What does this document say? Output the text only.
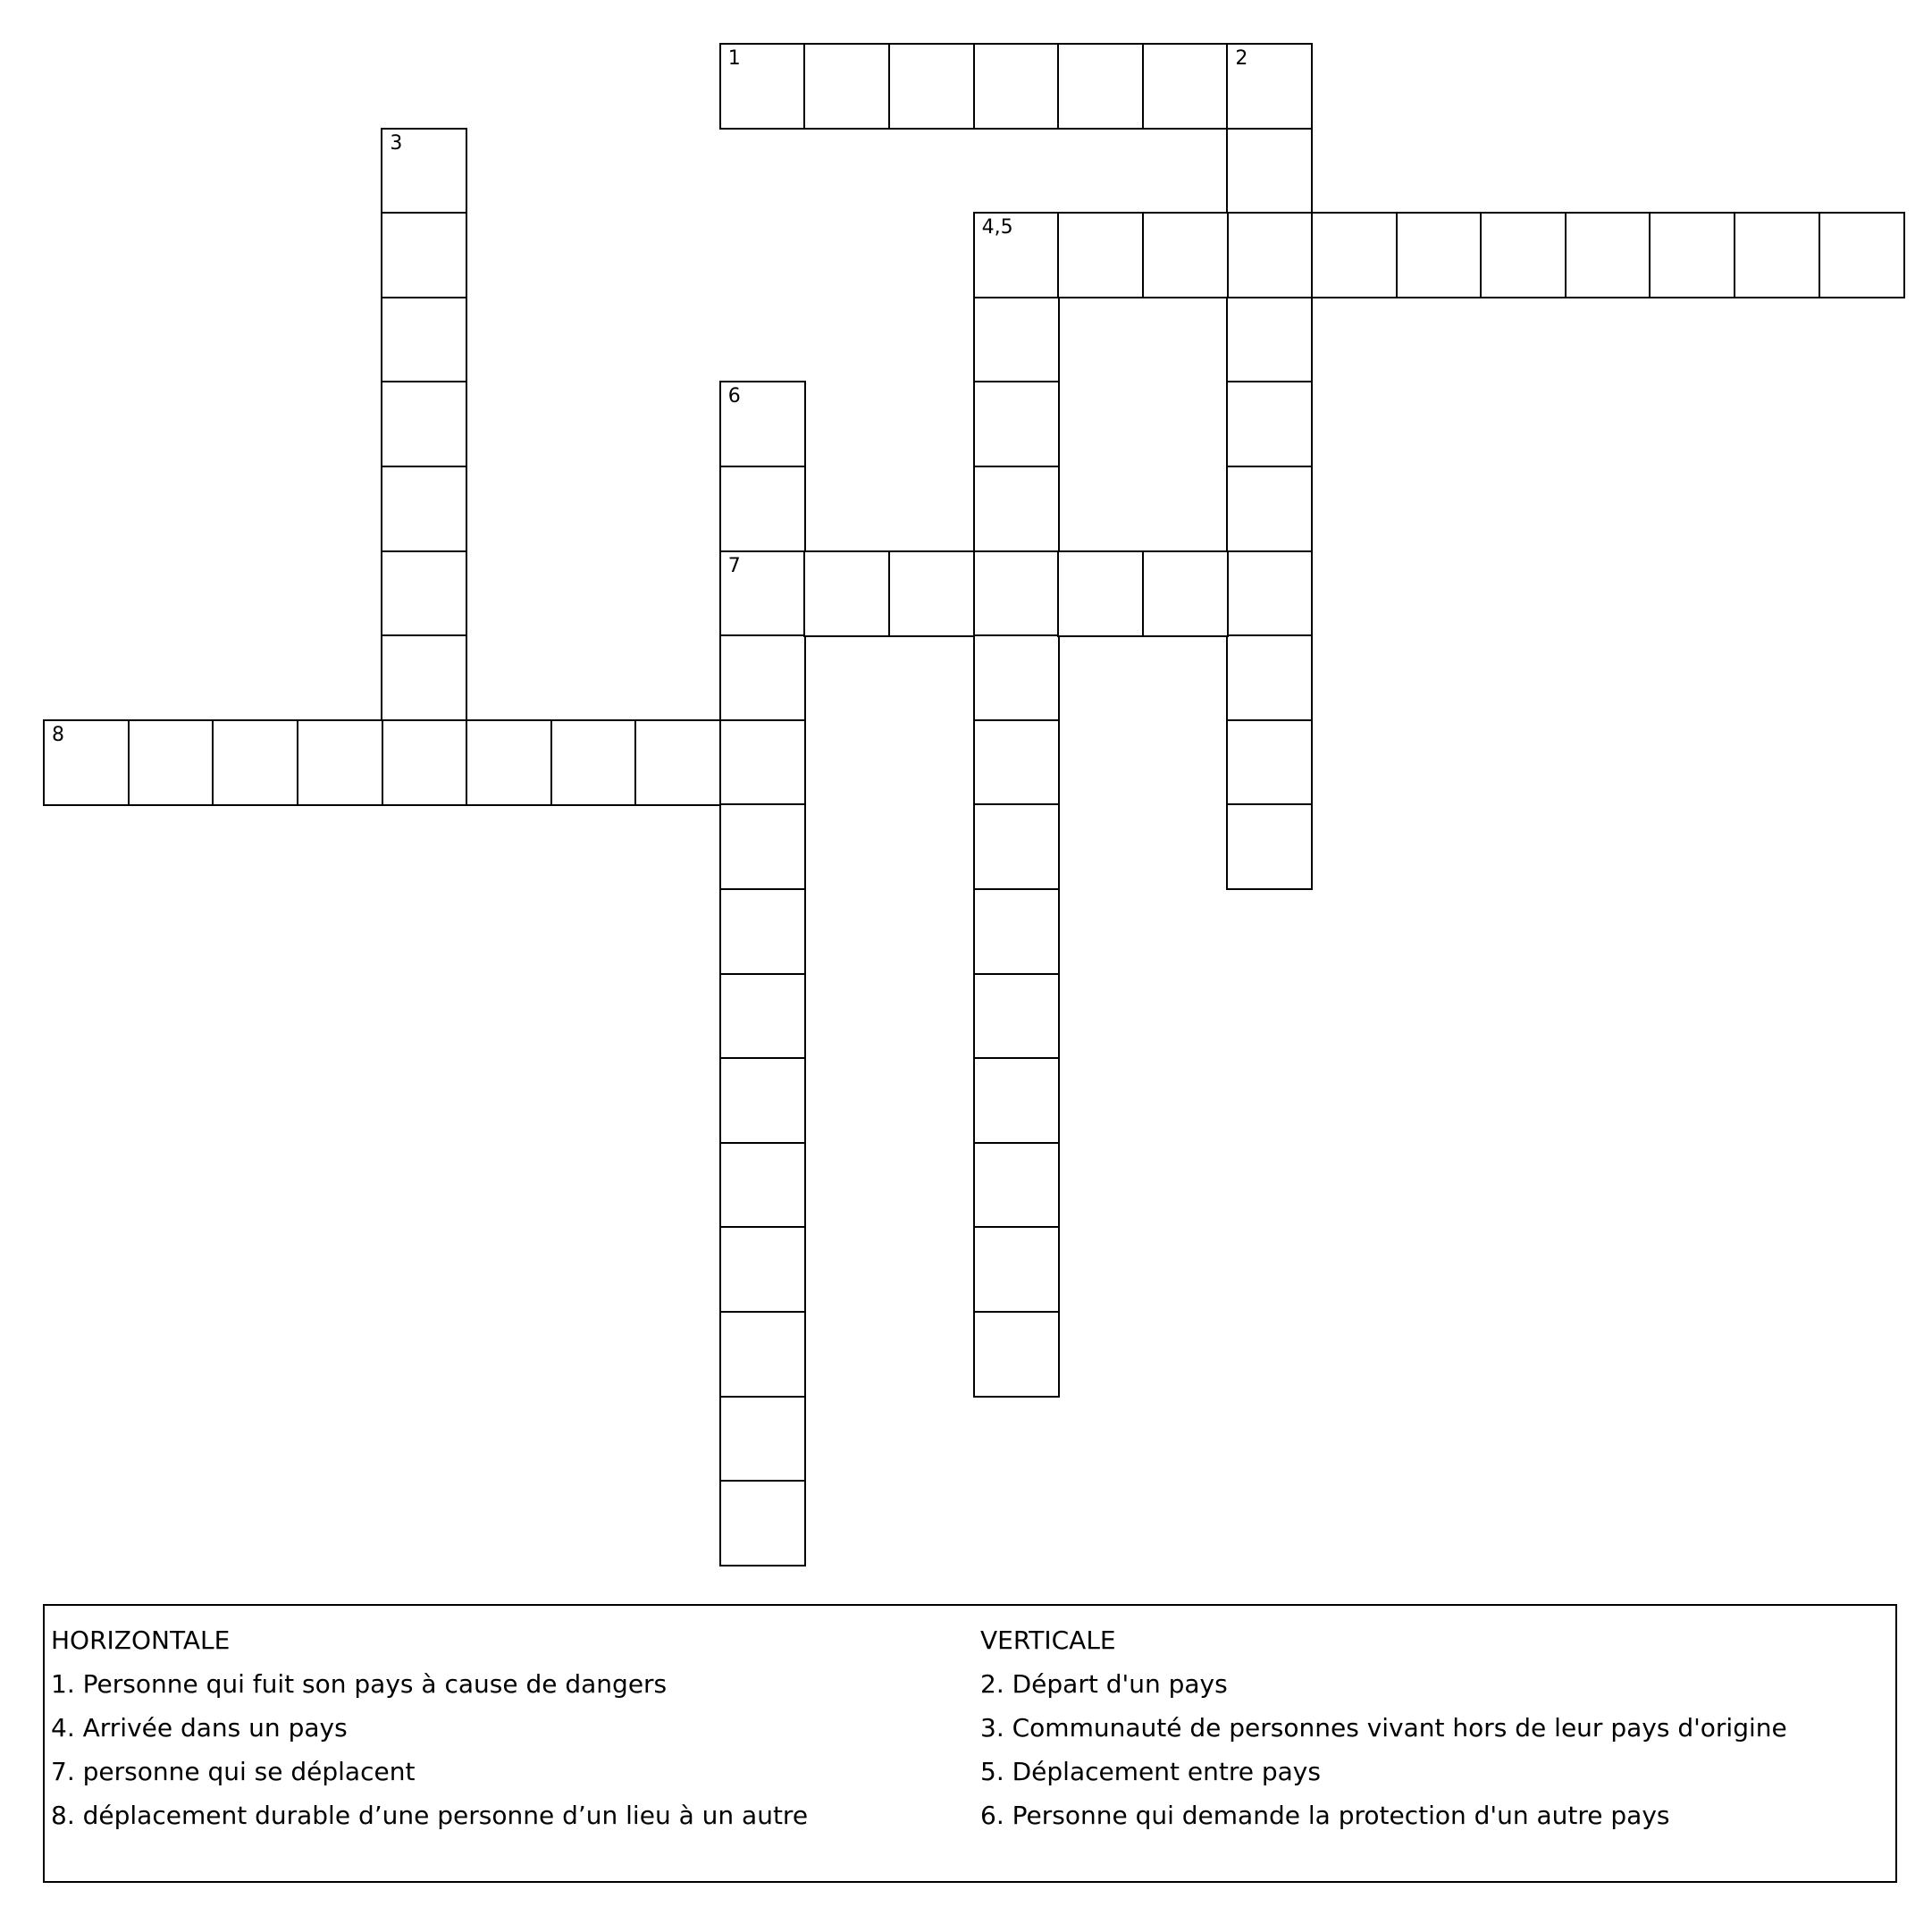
1	2
3
4,5
6
7
8
HORIZONTALE
1. Personne qui fuit son pays à cause de dangers
4. Arrivée dans un pays
7. personne qui se déplacent
8. déplacement durable d’une personne d’un lieu à un autre
VERTICALE
2. Départ d'un pays
3. Communauté de personnes vivant hors de leur pays d'origine
5. Déplacement entre pays
6. Personne qui demande la protection d'un autre pays
